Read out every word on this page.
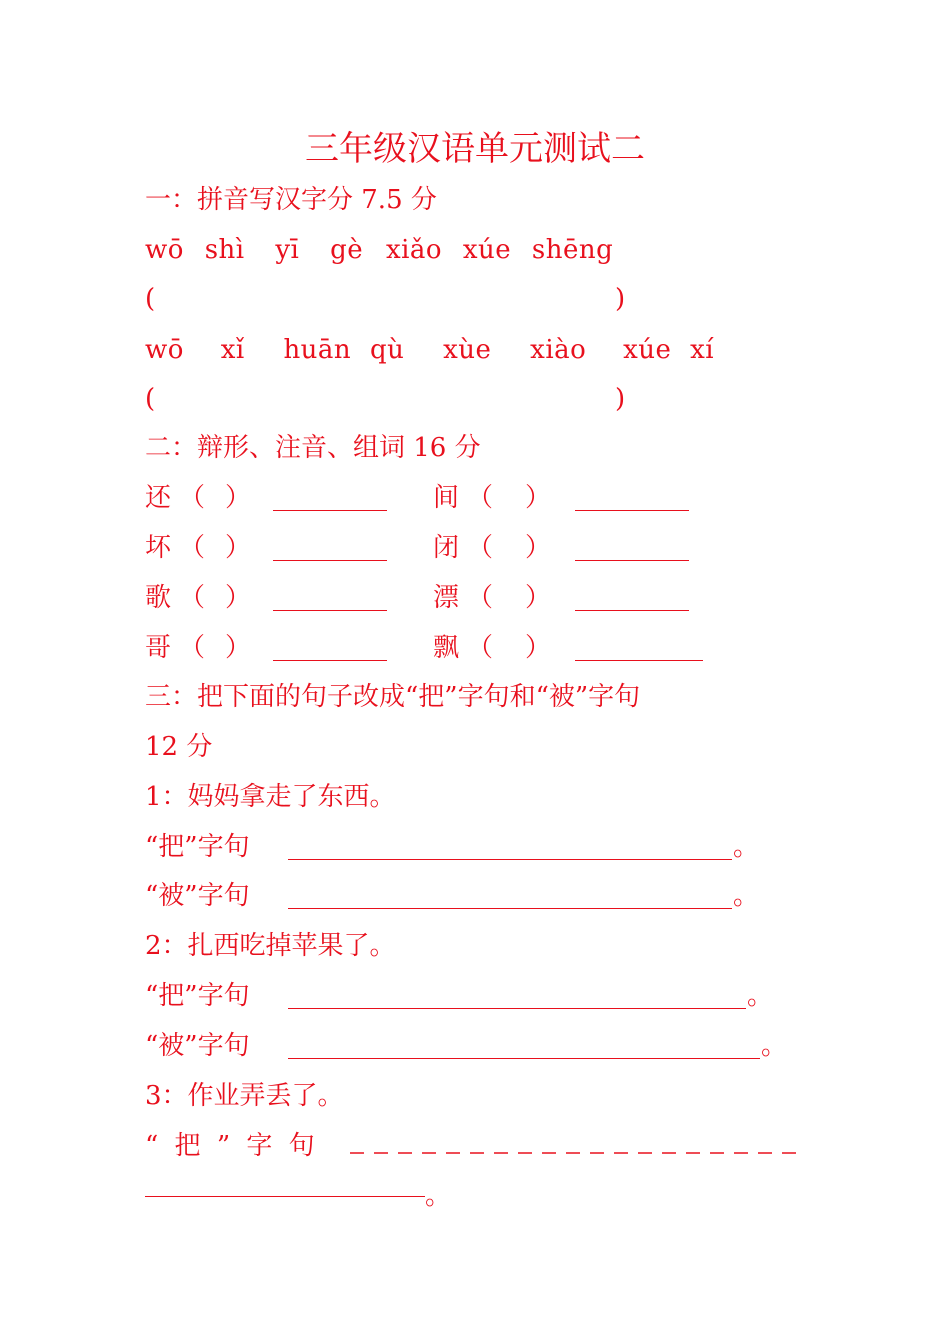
三年级汉语单元测试二
一：拼音写汉字分 7.5 分
wō shì yī gè xiǎo xúe shēng
(	)
wō xǐ huān qù xùe xiào xúe xí
(	)
二：辩形、注音、组词 16 分
还 （ ）	间 （ ）
坏 （ ）	闭 （ ）
歌 （ ）	漂 （ ）
哥 （ ）	飘 （ ）
三：把下面的句子改成“把”字句和“被”字句
12 分
1：妈妈拿走了东西。
“把”字句	。
“被”字句	。
2：扎西吃掉苹果了。
“把”字句	。
“被”字句	。
3：作业弄丢了。
“ 把 ” 字 句
。
